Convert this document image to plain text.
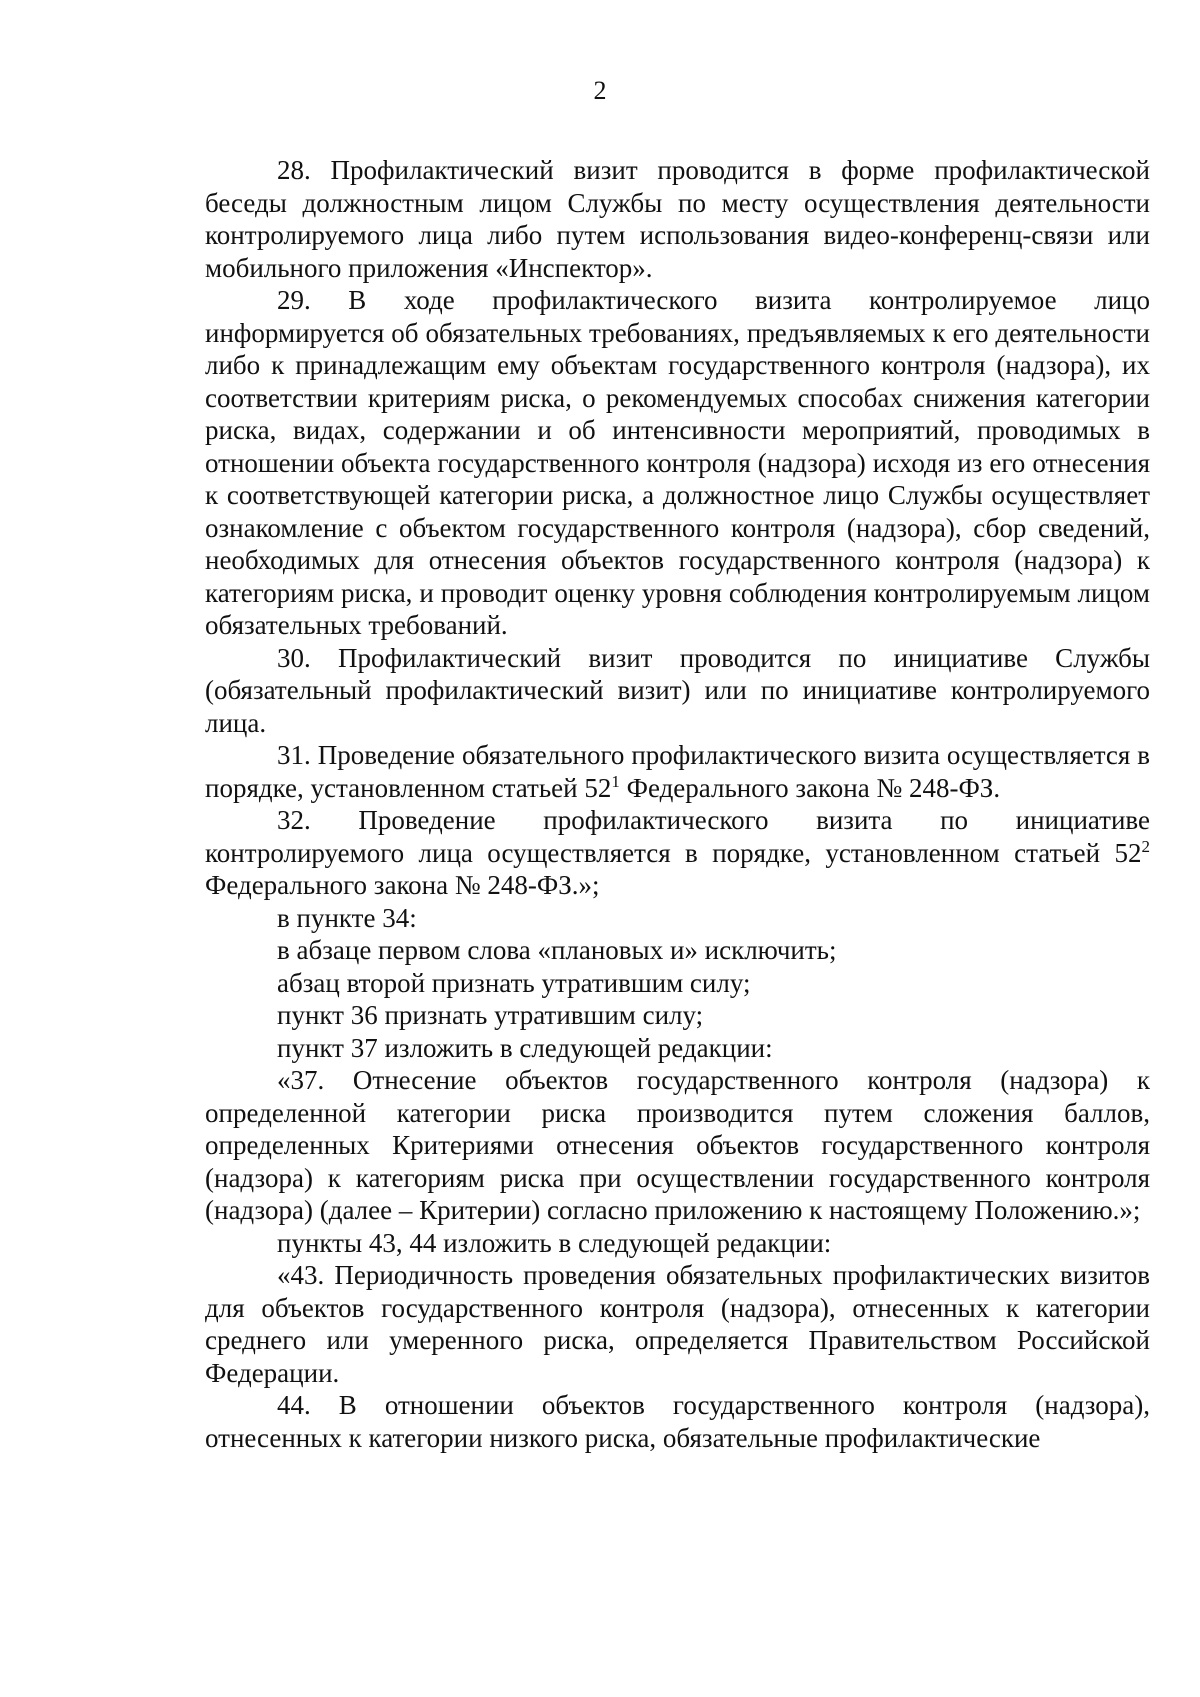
2

28. Профилактический визит проводится в форме профилактической беседы должностным лицом Службы по месту осуществления деятельности контролируемого лица либо путем использования видео-конференц-связи или мобильного приложения «Инспектор».

29. В ходе профилактического визита контролируемое лицо информируется об обязательных требованиях, предъявляемых к его деятельности либо к принадлежащим ему объектам государственного контроля (надзора), их соответствии критериям риска, о рекомендуемых способах снижения категории риска, видах, содержании и об интенсивности мероприятий, проводимых в отношении объекта государственного контроля (надзора) исходя из его отнесения к соответствующей категории риска, а должностное лицо Службы осуществляет ознакомление с объектом государственного контроля (надзора), сбор сведений, необходимых для отнесения объектов государственного контроля (надзора) к категориям риска, и проводит оценку уровня соблюдения контролируемым лицом обязательных требований.

30. Профилактический визит проводится по инициативе Службы (обязательный профилактический визит) или по инициативе контролируемого лица.

31. Проведение обязательного профилактического визита осуществляется в порядке, установленном статьей $52^1$ Федерального закона № 248-ФЗ.

32. Проведение профилактического визита по инициативе контролируемого лица осуществляется в порядке, установленном статьей $52^2$ Федерального закона № 248-ФЗ.»;

в пункте 34:

в абзаце первом слова «плановых и» исключить;

абзац второй признать утратившим силу;

пункт 36 признать утратившим силу;

пункт 37 изложить в следующей редакции:

«37. Отнесение объектов государственного контроля (надзора) к определенной категории риска производится путем сложения баллов, определенных Критериями отнесения объектов государственного контроля (надзора) к категориям риска при осуществлении государственного контроля (надзора) (далее – Критерии) согласно приложению к настоящему Положению.»;

пункты 43, 44 изложить в следующей редакции:

«43. Периодичность проведения обязательных профилактических визитов для объектов государственного контроля (надзора), отнесенных к категории среднего или умеренного риска, определяется Правительством Российской Федерации.

44. В отношении объектов государственного контроля (надзора), отнесенных к категории низкого риска, обязательные профилактические
